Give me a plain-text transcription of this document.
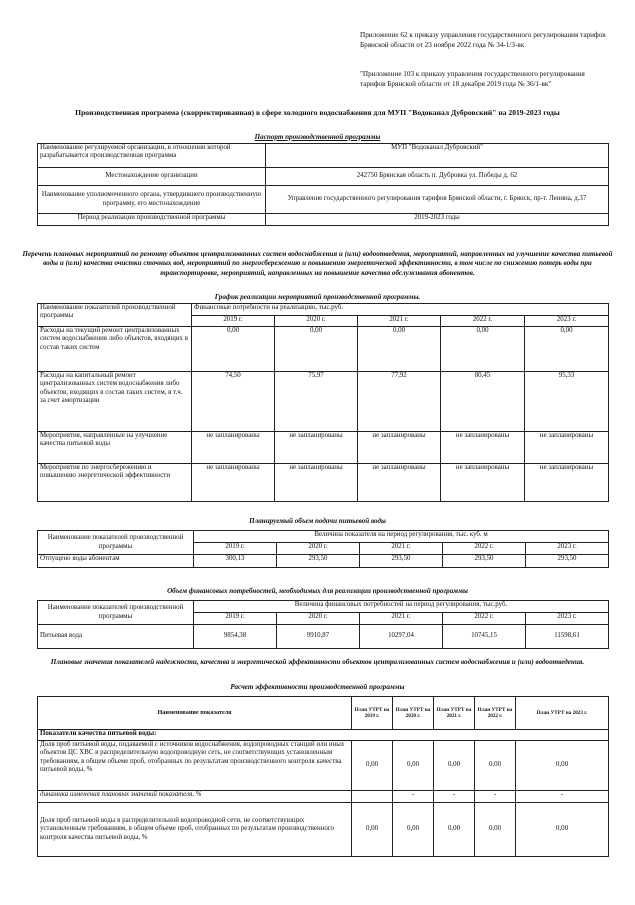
Приложение 62 к приказу управления государственного регулирования тарифов Брянской области от 23 ноября 2022 года № 34-1/3-вк
"Приложение 103 к приказу управления государственного регулирования тарифов Брянской области от 18 декабря 2019 года № 36/1-вк"
Производственная программа (скорректированная) в сфере холодного водоснабжения для МУП "Водоканал Дубровский" на 2019-2023 годы
Паспорт производственной программы
Наименование регулируемой организации, в отношении которой разрабатывается производственная программа	МУП "Водоканал Дубровский"
Местонахождение организации	242750 Брянская область п. Дубровка ул. Победы д. 62
Наименование уполномоченного органа, утвердившего производственную программу, его местонахождение	Управление государственного регулирования тарифов Брянской области, г. Брянск, пр-т. Ленина, д.37
Период реализации производственной программы	2019-2023 годы
Перечень плановых мероприятий по ремонту объектов централизованных систем водоснабжения и (или) водоотведения, мероприятий, направленных на улучшение качества питьевой воды и (или) качества очистки сточных вод, мероприятий по энергосбережению и повышению энергетической эффективности, в том числе по снижению потерь воды при транспортировке, мероприятий, направленных на повышение качества обслуживания абонентов.
График реализации мероприятий производственной программы.
Наименование показателей производственной программы	Финансовые потребности на реализацию, тыс.руб.				
	2019 г.	2020 г.	2021 г.	2022 г.	2023 г.
Расходы на текущий ремонт централизованных систем водоснабжения либо объектов, входящих в состав таких систем	0,00	0,00	0,00	0,00	0,00
Расходы на капитальный ремонт централизованных систем водоснабжения либо объектов, входящих в состав таких систем, в т.ч. за счет амортизации	74,50	75,97	77,92	80,45	95,33
Мероприятия, направленные на улучшение качества питьевой воды	не запланированы	не запланированы	не запланированы	не запланированы	не запланированы
Мероприятия по энергосбережению и повышению энергетической эффективности	не запланированы	не запланированы	не запланированы	не запланированы	не запланированы
Планируемый объем подачи питьевой воды
Наименование показателей производственной программы	Величина показателя на период регулирования, тыс. куб. м				
	2019 г.	2020 г.	2021 г.	2022 г.	2023 г.
Отпущено воды абонентам	300,13	293,50	293,50	293,50	293,50
Объем финансовых потребностей, необходимых для реализации производственной программы
Наименование показателей производственной программы	Величина финансовых потребностей на период регулирования, тыс.руб.				
	2019 г.	2020 г.	2021 г.	2022 г.	2023 г.
Питьевая вода	9854,38	9910,87	10297,04	10745,15	11598,61
Плановые значения показателей надежности, качества и энергетической эффективности объектов централизованных систем водоснабжения и (или) водоотведения.
Расчет эффективности производственной программы
Наименование показателя	План УТРТ на 2019 г.	План УТРТ на 2020 г.	План УТРТ на 2021 г.	План УТРТ на 2022 г.	План УТРТ на 2023 г.
Показатели качества питьевой воды:					
Доля проб питьевой воды, подаваемой с источников водоснабжения, водопроводных станций или иных объектов ЦС ХВС в распределительную водопроводную сеть, не соответствующих установленным требованиям, в общем объеме проб, отобранных по результатам производственного контроля качества питьевой воды, %	0,00	0,00	0,00	0,00	0,00
динамика изменения плановых значений показателя, %		-	-	-	-
Доля проб питьевой воды в распределительной водопроводной сети, не соответствующих установленным требованиям, в общем объеме проб, отобранных по результатам производственного контроля качества питьевой воды, %	0,00	0,00	0,00	0,00	0,00
